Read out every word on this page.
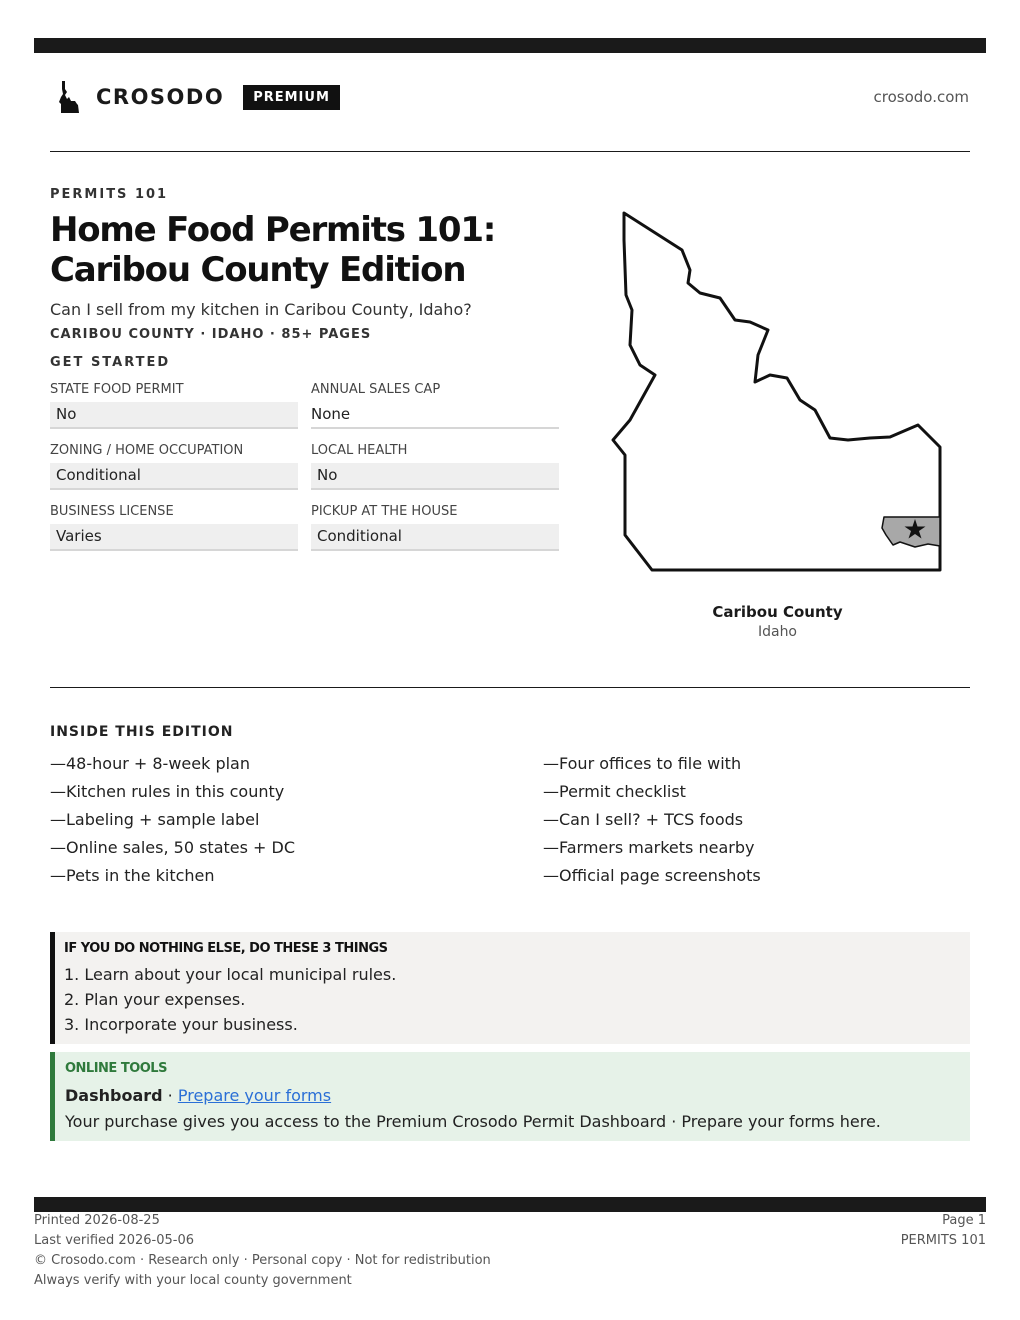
CROSODO	PREMIUM	crosodo.com
PERMITS 101
Home Food Permits 101: Caribou County Edition
Can I sell from my kitchen in Caribou County, Idaho?
CARIBOU COUNTY · IDAHO · 85+ PAGES
GET STARTED
STATE FOOD PERMIT
No
ANNUAL SALES CAP
None
ZONING / HOME OCCUPATION
Conditional
LOCAL HEALTH
No
BUSINESS LICENSE
Varies
PICKUP AT THE HOUSE
Conditional
Caribou County
Idaho
INSIDE THIS EDITION
—48-hour + 8-week plan
—Kitchen rules in this county
—Labeling + sample label
—Online sales, 50 states + DC
—Pets in the kitchen
—Four offices to file with
—Permit checklist
—Can I sell? + TCS foods
—Farmers markets nearby
—Official page screenshots
IF YOU DO NOTHING ELSE, DO THESE 3 THINGS
1. Learn about your local municipal rules.
2. Plan your expenses.
3. Incorporate your business.
ONLINE TOOLS
Dashboard · Prepare your forms
Your purchase gives you access to the Premium Crosodo Permit Dashboard · Prepare your forms here.
Printed 2026-08-25
Last verified 2026-05-06
© Crosodo.com · Research only · Personal copy · Not for redistribution
Always verify with your local county government
Page 1
PERMITS 101
